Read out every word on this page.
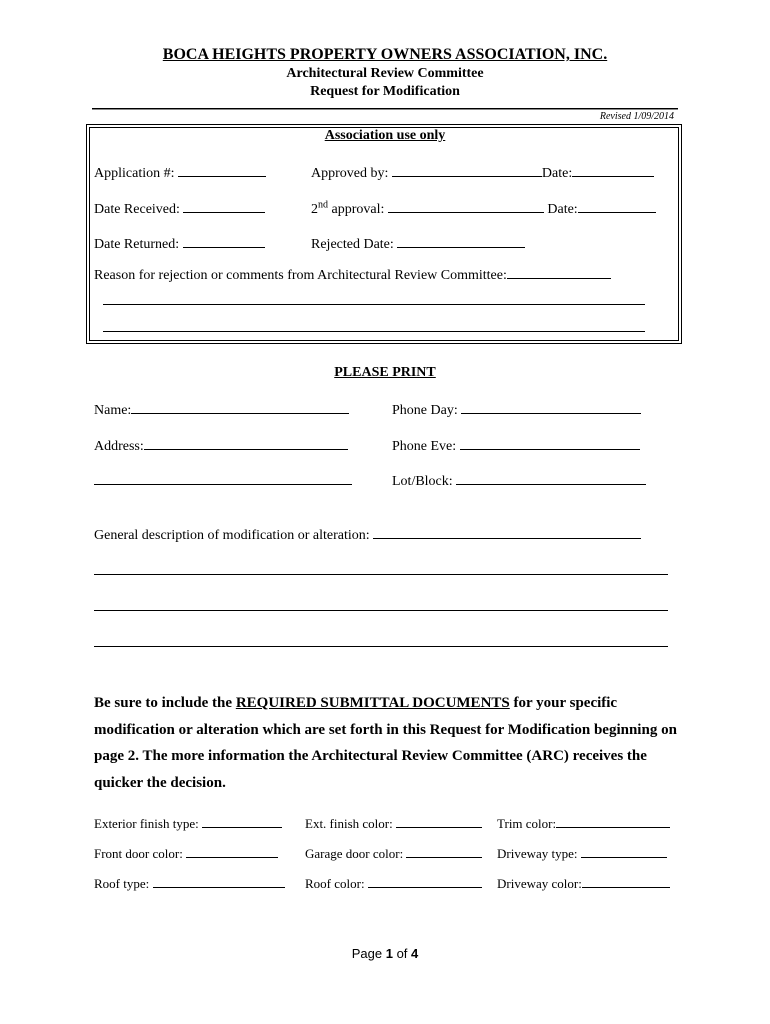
BOCA HEIGHTS PROPERTY OWNERS ASSOCIATION, INC.
Architectural Review Committee
Request for Modification
Revised 1/09/2014
Association use only
Application #:	Approved by:	Date:
Date Received:	2nd approval:	Date:
Date Returned:	Rejected Date:
Reason for rejection or comments from Architectural Review Committee:
PLEASE PRINT
Name:	Phone Day:
Address:	Phone Eve:
Lot/Block:
General description of modification or alteration:
Be sure to include the REQUIRED SUBMITTAL DOCUMENTS for your specific modification or alteration which are set forth in this Request for Modification beginning on page 2. The more information the Architectural Review Committee (ARC) receives the quicker the decision.
Exterior finish type:	Ext. finish color:	Trim color:
Front door color:	Garage door color:	Driveway type:
Roof type:	Roof color:	Driveway color:
Page 1 of 4
